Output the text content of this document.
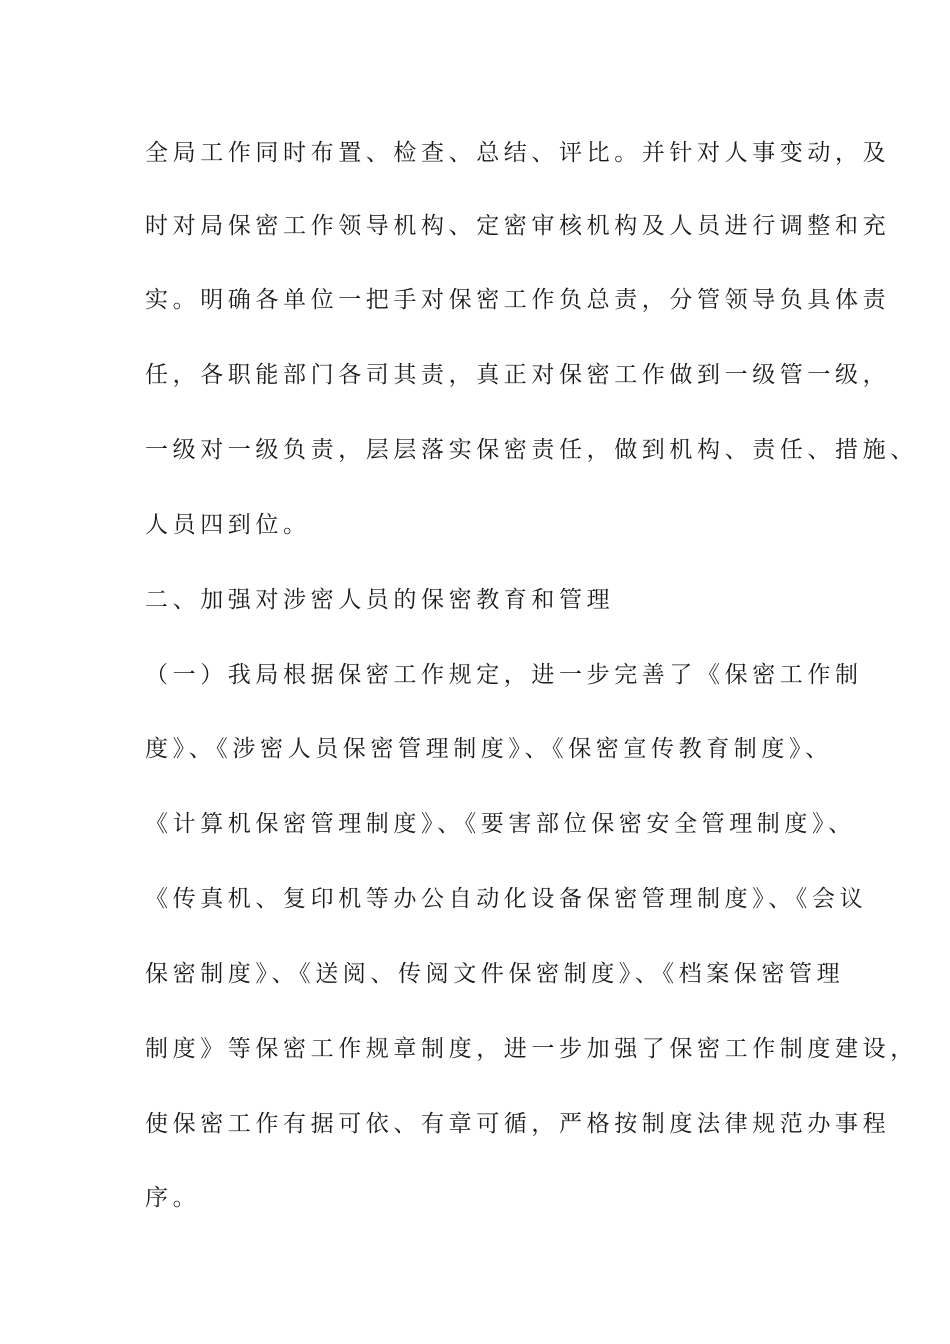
全局工作同时布置、检查、总结、评比。并针对人事变动，及
时对局保密工作领导机构、定密审核机构及人员进行调整和充
实。明确各单位一把手对保密工作负总责，分管领导负具体责
任，各职能部门各司其责，真正对保密工作做到一级管一级，
一级对一级负责，层层落实保密责任，做到机构、责任、措施、
人员四到位。
二、加强对涉密人员的保密教育和管理
（一）我局根据保密工作规定，进一步完善了《保密工作制
度》、《涉密人员保密管理制度》、《保密宣传教育制度》、
《计算机保密管理制度》、《要害部位保密安全管理制度》、
《传真机、复印机等办公自动化设备保密管理制度》、《会议
保密制度》、《送阅、传阅文件保密制度》、《档案保密管理
制度》等保密工作规章制度，进一步加强了保密工作制度建设，
使保密工作有据可依、有章可循，严格按制度法律规范办事程
序。
